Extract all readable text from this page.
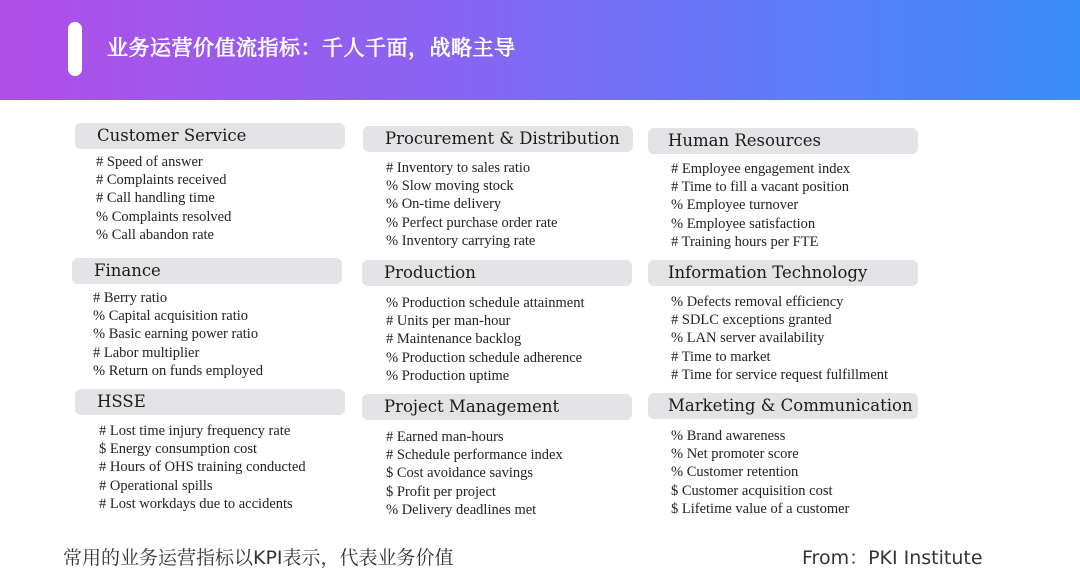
业务运营价值流指标：千人千面，战略主导
Customer Service
# Speed of answer
# Complaints received
# Call handling time
% Complaints resolved
% Call abandon rate
Procurement & Distribution
# Inventory to sales ratio
% Slow moving stock
% On-time delivery
% Perfect purchase order rate
% Inventory carrying rate
Human Resources
# Employee engagement index
# Time to fill a vacant position
% Employee turnover
% Employee satisfaction
# Training hours per FTE
Finance
# Berry ratio
% Capital acquisition ratio
% Basic earning power ratio
# Labor multiplier
% Return on funds employed
Production
% Production schedule attainment
# Units per man-hour
# Maintenance backlog
% Production schedule adherence
% Production uptime
Information Technology
% Defects removal efficiency
# SDLC exceptions granted
% LAN server availability
# Time to market
# Time for service request fulfillment
HSSE
# Lost time injury frequency rate
$ Energy consumption cost
# Hours of OHS training conducted
# Operational spills
# Lost workdays due to accidents
Project Management
# Earned man-hours
# Schedule performance index
$ Cost avoidance savings
$ Profit per project
% Delivery deadlines met
Marketing & Communication
% Brand awareness
% Net promoter score
% Customer retention
$ Customer acquisition cost
$ Lifetime value of a customer
常用的业务运营指标以KPI表示，代表业务价值	From：PKI Institute
